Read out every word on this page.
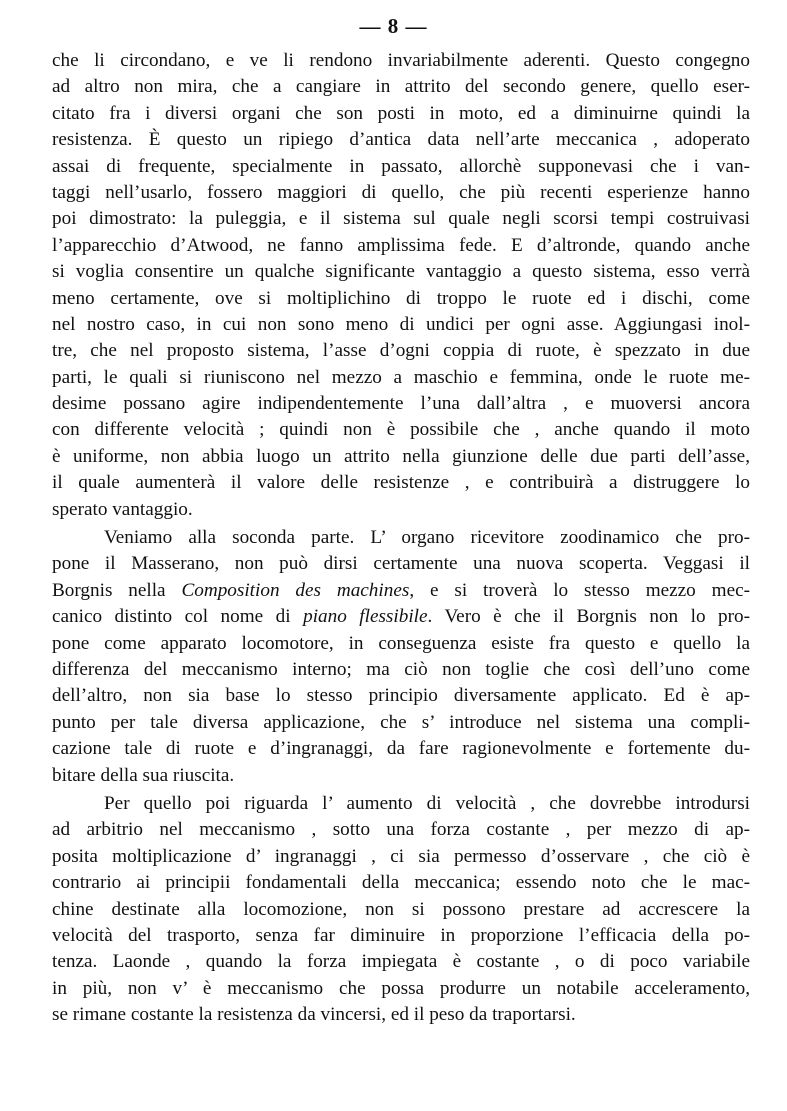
— 8 —
che li circondano, e ve li rendono invariabilmente aderenti. Questo congegno
ad altro non mira, che a cangiare in attrito del secondo genere, quello eser-
citato fra i diversi organi che son posti in moto, ed a diminuirne quindi la
resistenza. È questo un ripiego d’antica data nell’arte meccanica , adoperato
assai di frequente, specialmente in passato, allorchè supponevasi che i van-
taggi nell’usarlo, fossero maggiori di quello, che più recenti esperienze hanno
poi dimostrato: la puleggia, e il sistema sul quale negli scorsi tempi costruivasi
l’apparecchio d’Atwood, ne fanno amplissima fede. E d’altronde, quando anche
si voglia consentire un qualche significante vantaggio a questo sistema, esso verrà
meno certamente, ove si moltiplichino di troppo le ruote ed i dischi, come
nel nostro caso, in cui non sono meno di undici per ogni asse. Aggiungasi inol-
tre, che nel proposto sistema, l’asse d’ogni coppia di ruote, è spezzato in due
parti, le quali si riuniscono nel mezzo a maschio e femmina, onde le ruote me-
desime possano agire indipendentemente l’una dall’altra , e muoversi ancora
con differente velocità ; quindi non è possibile che , anche quando il moto
è uniforme, non abbia luogo un attrito nella giunzione delle due parti dell’asse,
il quale aumenterà il valore delle resistenze , e contribuirà a distruggere lo
sperato vantaggio.
Veniamo alla soconda parte. L’ organo ricevitore zoodinamico che pro-
pone il Masserano, non può dirsi certamente una nuova scoperta. Veggasi il
Borgnis nella Composition des machines, e si troverà lo stesso mezzo mec-
canico distinto col nome di piano flessibile. Vero è che il Borgnis non lo pro-
pone come apparato locomotore, in conseguenza esiste fra questo e quello la
differenza del meccanismo interno; ma ciò non toglie che così dell’uno come
dell’altro, non sia base lo stesso principio diversamente applicato. Ed è ap-
punto per tale diversa applicazione, che s’ introduce nel sistema una compli-
cazione tale di ruote e d’ingranaggi, da fare ragionevolmente e fortemente du-
bitare della sua riuscita.
Per quello poi riguarda l’ aumento di velocità , che dovrebbe introdursi
ad arbitrio nel meccanismo , sotto una forza costante , per mezzo di ap-
posita moltiplicazione d’ ingranaggi , ci sia permesso d’osservare , che ciò è
contrario ai principii fondamentali della meccanica; essendo noto che le mac-
chine destinate alla locomozione, non si possono prestare ad accrescere la
velocità del trasporto, senza far diminuire in proporzione l’efficacia della po-
tenza. Laonde , quando la forza impiegata è costante , o di poco variabile
in più, non v’ è meccanismo che possa produrre un notabile acceleramento,
se rimane costante la resistenza da vincersi, ed il peso da traportarsi.
